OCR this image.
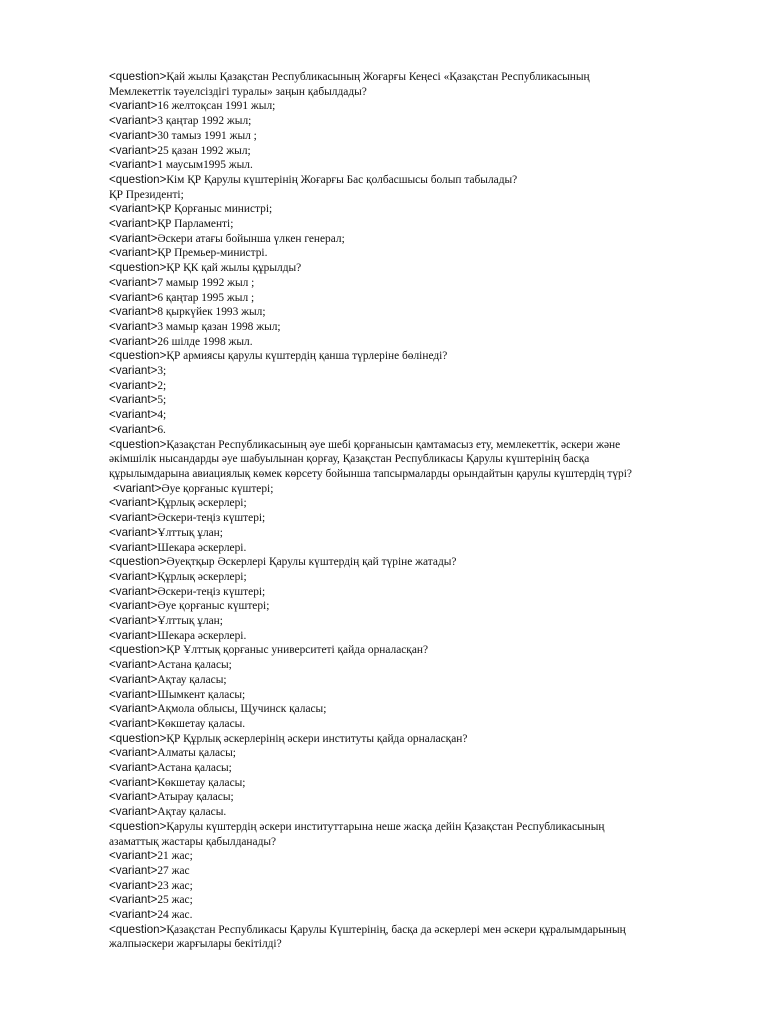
<question>Қай жылы Қазақстан Республикасының Жоғарғы Кеңесі «Қазақстан Республикасының
Мемлекеттік тәуелсіздігі туралы» заңын қабылдады?
<variant>16 желтоқсан 1991 жыл;
<variant>3 қаңтар 1992 жыл;
<variant>30 тамыз 1991 жыл ;
<variant>25 қазан 1992 жыл;
<variant>1 маусым1995 жыл.
<question>Кім ҚР Қарулы күштерінің Жоғарғы Бас қолбасшысы болып табылады?
ҚР Президенті;
<variant>ҚР Қорғаныс министрі;
<variant>ҚР Парламенті;
<variant>Әскери атағы бойынша үлкен генерал;
<variant>ҚР Премьер-министрі.
<question>ҚР ҚК қай жылы құрылды?
<variant>7 мамыр 1992 жыл ;
<variant>6 қаңтар 1995 жыл ;
<variant>8 қыркүйек 1993 жыл;
<variant>3 мамыр қазан 1998 жыл;
<variant>26 шілде 1998 жыл.
<question>ҚР армиясы қарулы күштердің қанша түрлеріне бөлінеді?
<variant>3;
<variant>2;
<variant>5;
<variant>4;
<variant>6.
<question>Қазақстан Республикасының әуе шебі қорғанысын қамтамасыз ету, мемлекеттік, әскери және
әкімшілік нысандарды әуе шабуылынан қорғау, Қазақстан Республикасы Қарулы күштерінің басқа
құрылымдарына авиациялық көмек көрсету бойынша тапсырмаларды орындайтын қарулы күштердің түрі?
<variant>Әуе қорғаныс күштері;
<variant>Құрлық әскерлері;
<variant>Әскери-теңіз күштері;
<variant>Ұлттық ұлан;
<variant>Шекара әскерлері.
<question>Әуеқтқыр Әскерлері Қарулы күштердің қай түріне жатады?
<variant>Құрлық әскерлері;
<variant>Әскери-теңіз күштері;
<variant>Әуе қорғаныс күштері;
<variant>Ұлттық ұлан;
<variant>Шекара әскерлері.
<question>ҚР Ұлттық қорғаныс университеті қайда орналасқан?
<variant>Астана қаласы;
<variant>Ақтау қаласы;
<variant>Шымкент қаласы;
<variant>Ақмола облысы, Щучинск қаласы;
<variant>Көкшетау қаласы.
<question>ҚР Құрлық әскерлерінің әскери институты қайда орналасқан?
<variant>Алматы қаласы;
<variant>Астана қаласы;
<variant>Көкшетау қаласы;
<variant>Атырау қаласы;
<variant>Ақтау қаласы.
<question>Қарулы күштердің әскери институттарына неше жасқа дейін Қазақстан Республикасының
азаматтық жастары қабылданады?
<variant>21 жас;
<variant>27 жас
<variant>23 жас;
<variant>25 жас;
<variant>24 жас.
<question>Қазақстан Республикасы Қарулы Күштерінің, басқа да әскерлері мен әскери құралымдарының
жалпыәскери жарғылары бекітілді?
